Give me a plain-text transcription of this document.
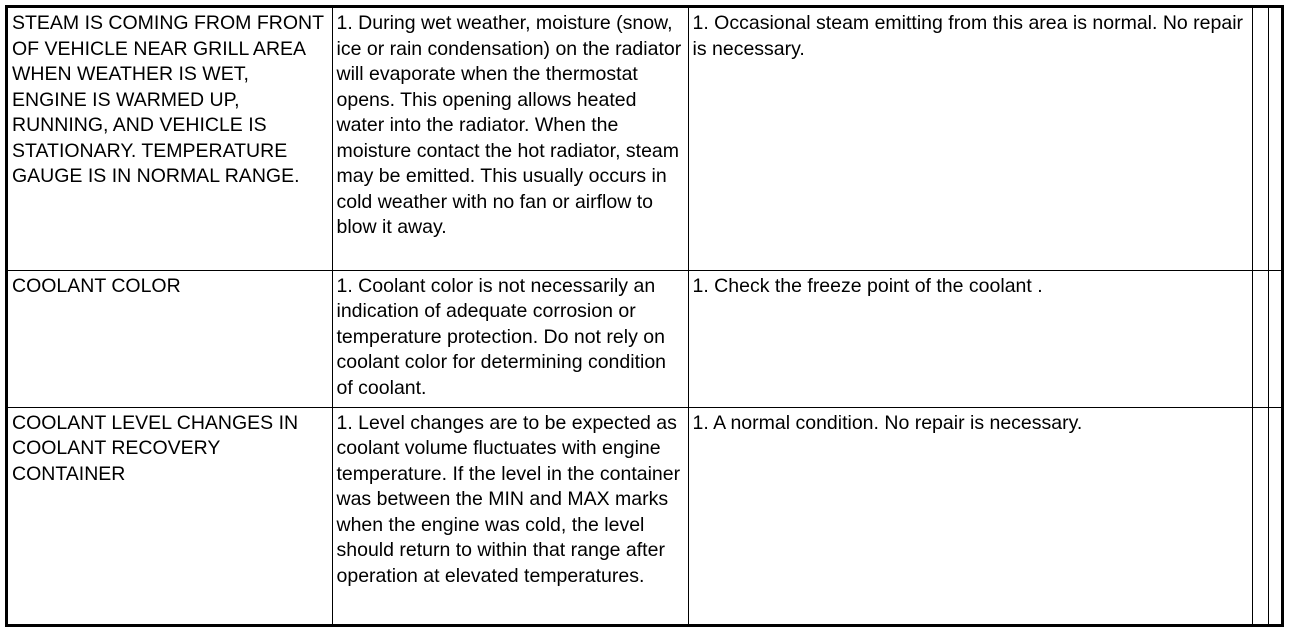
STEAM IS COMING FROM FRONT OF VEHICLE NEAR GRILL AREA WHEN WEATHER IS WET, ENGINE IS WARMED UP, RUNNING, AND VEHICLE IS STATIONARY. TEMPERATURE GAUGE IS IN NORMAL RANGE.	1. During wet weather, moisture (snow, ice or rain condensation) on the radiator will evaporate when the thermostat opens. This opening allows heated water into the radiator. When the moisture contact the hot radiator, steam may be emitted. This usually occurs in cold weather with no fan or airflow to blow it away.	1. Occasional steam emitting from this area is normal. No repair is necessary.		
COOLANT COLOR	1. Coolant color is not necessarily an indication of adequate corrosion or temperature protection. Do not rely on coolant color for determining condition of coolant.	1. Check the freeze point of the coolant .		
COOLANT LEVEL CHANGES IN COOLANT RECOVERY CONTAINER	1. Level changes are to be expected as coolant volume fluctuates with engine temperature. If the level in the container was between the MIN and MAX marks when the engine was cold, the level should return to within that range after operation at elevated temperatures.	1. A normal condition. No repair is necessary.		
